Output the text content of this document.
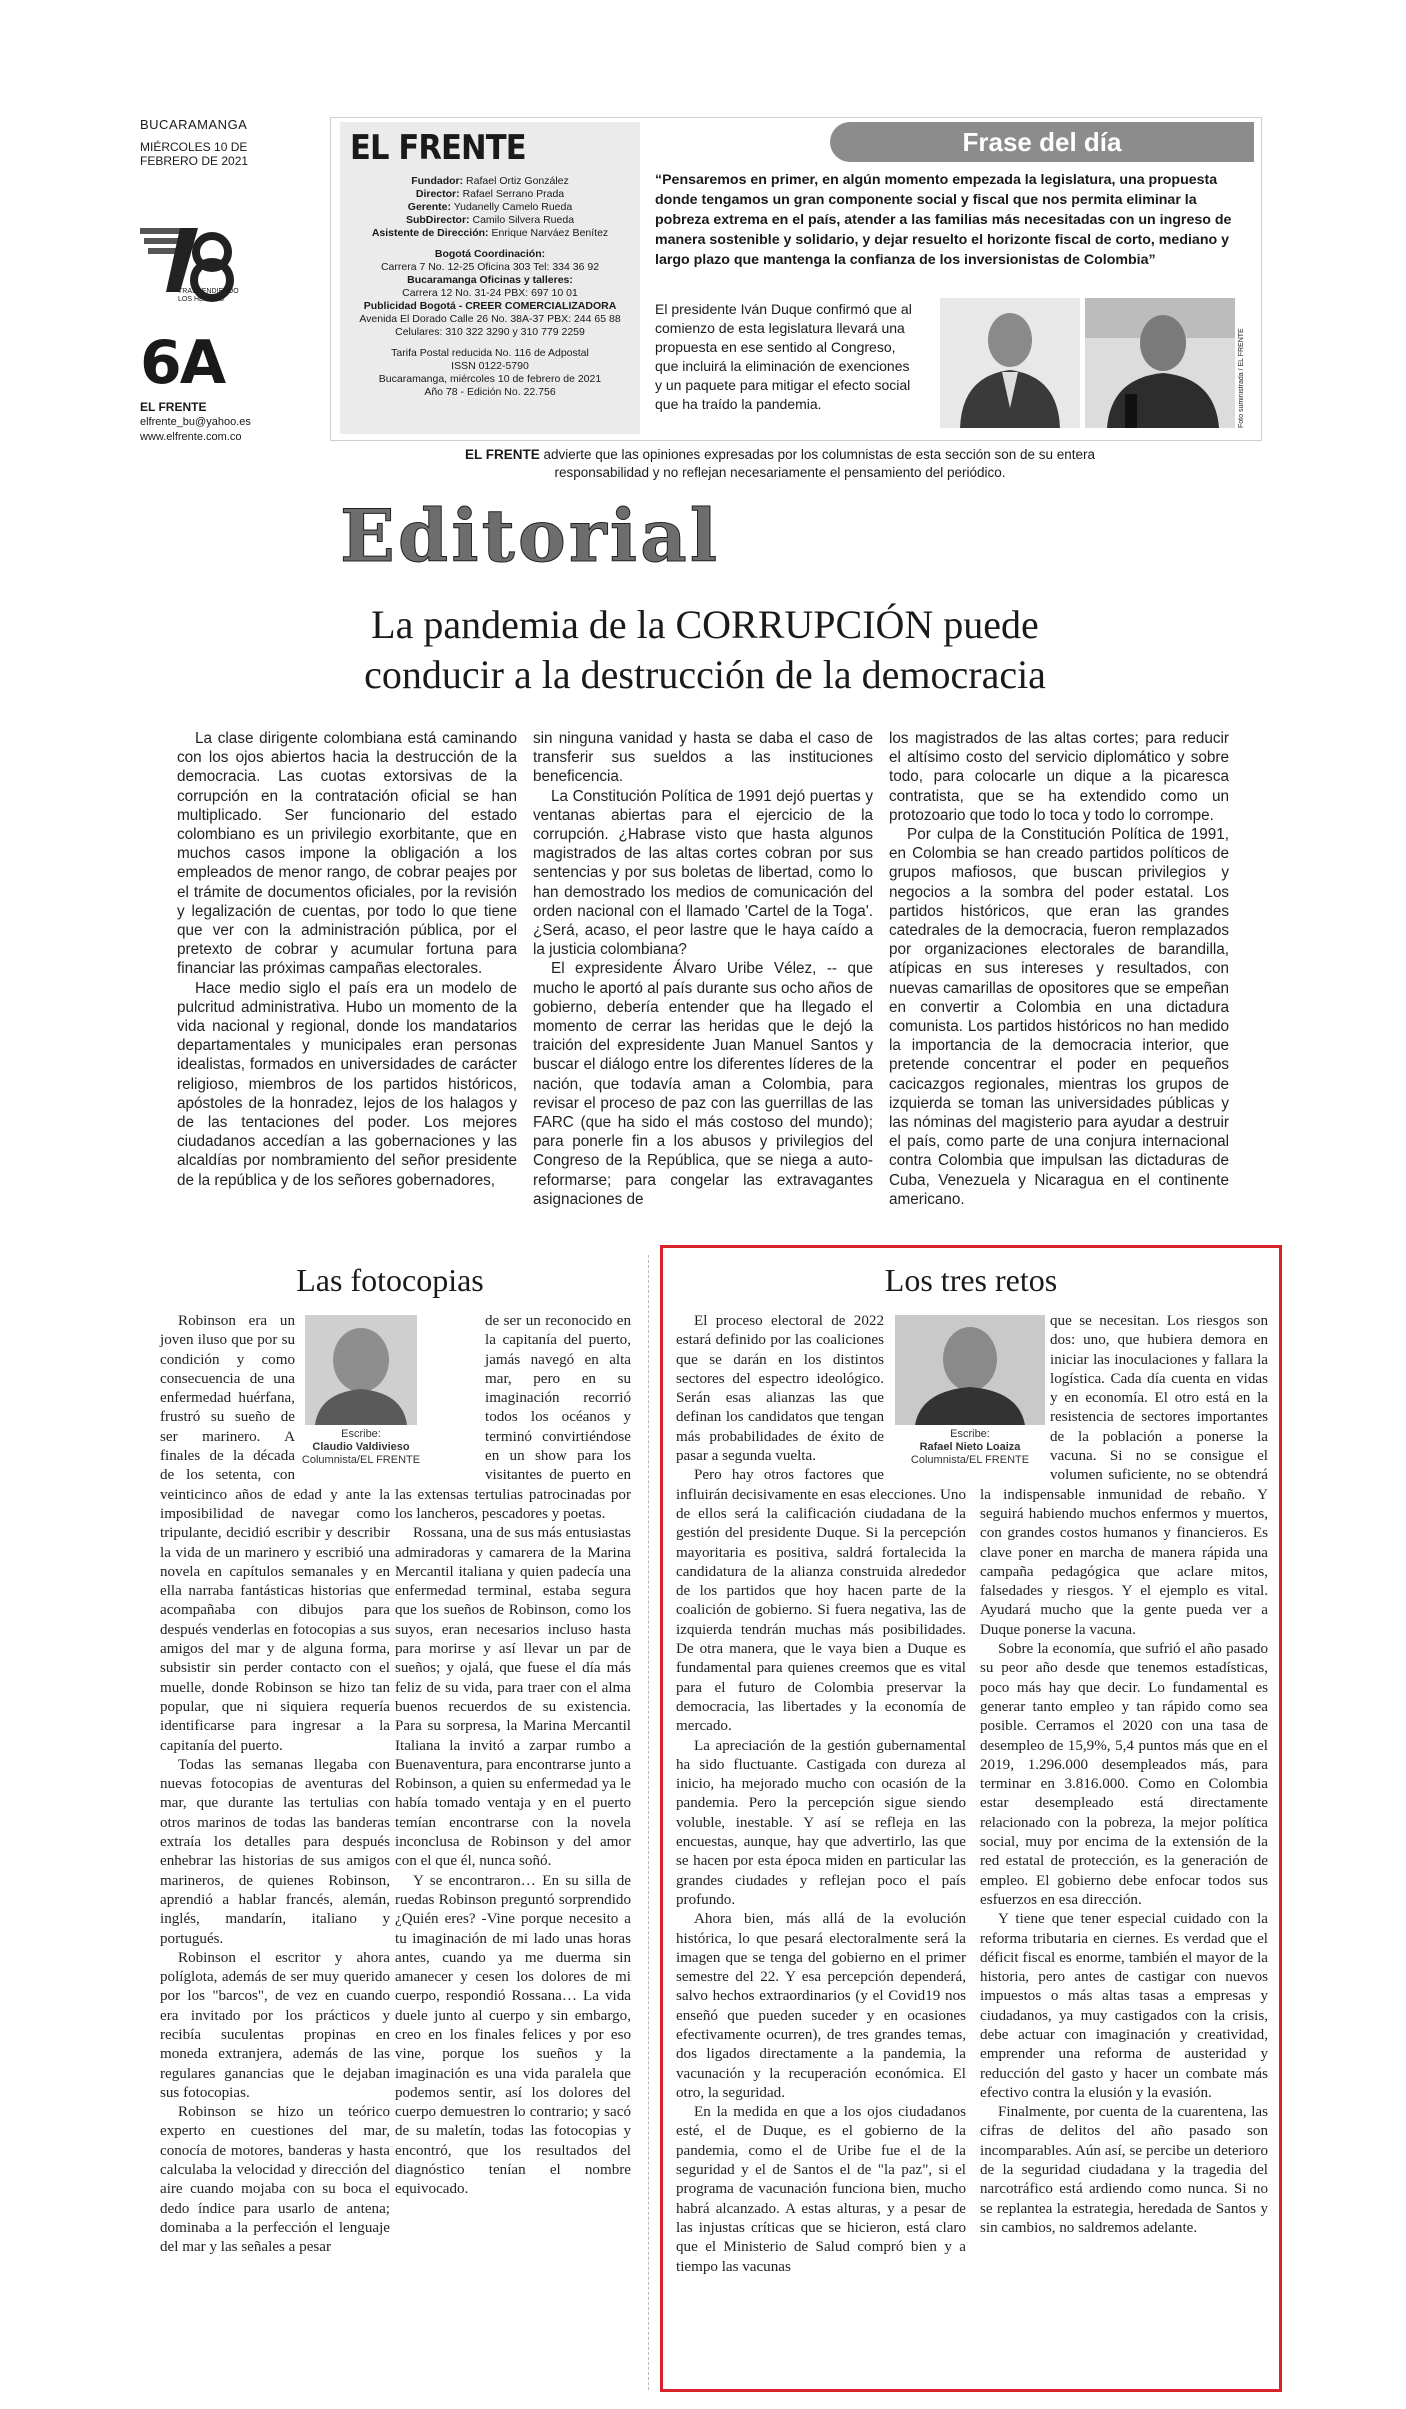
BUCARAMANGA
MIÉRCOLES 10 DE FEBRERO DE 2021
TRASCENDIENDO LOS HECHOS
6A
EL FRENTE
elfrente_bu@yahoo.es
www.elfrente.com.co
EL FRENTE
Fundador: Rafael Ortiz González
Director: Rafael Serrano Prada
Gerente: Yudanelly Camelo Rueda
SubDirector: Camilo Silvera Rueda
Asistente de Dirección: Enrique Narváez Benítez
Bogotá Coordinación:
Carrera 7 No. 12-25 Oficina 303 Tel: 334 36 92
Bucaramanga Oficinas y talleres:
Carrera 12 No. 31-24 PBX: 697 10 01
Publicidad Bogotá - CREER COMERCIALIZADORA
Avenida El Dorado Calle 26 No. 38A-37 PBX: 244 65 88
Celulares: 310 322 3290 y 310 779 2259
Tarifa Postal reducida No. 116 de Adpostal
ISSN 0122-5790
Bucaramanga, miércoles 10 de febrero de 2021
Año 78 - Edición No. 22.756
Frase del día
“Pensaremos en primer, en algún momento empezada la legislatura, una propuesta donde tengamos un gran componente social y fiscal que nos permita eliminar la pobreza extrema en el país, atender a las familias más necesitadas con un ingreso de manera sostenible y solidario, y dejar resuelto el horizonte fiscal de corto, mediano y largo plazo que mantenga la confianza de los inversionistas de Colombia”
El presidente Iván Duque confirmó que al comienzo de esta legislatura llevará una propuesta en ese sentido al Congreso, que incluirá la eliminación de exenciones y un paquete para mitigar el efecto social que ha traído la pandemia.	Foto suministrada / EL FRENTE
EL FRENTE advierte que las opiniones expresadas por los columnistas de esta sección son de su entera responsabilidad y no reflejan necesariamente el pensamiento del periódico.
Editorial
La pandemia de la CORRUPCIÓN puede
conducir a la destrucción de la democracia

La clase dirigente colombiana está caminando con los ojos abiertos hacia la destrucción de la democracia. Las cuotas extorsivas de la corrupción en la contratación oficial se han multiplicado. Ser funcionario del estado colombiano es un privilegio exorbitante, que en muchos casos impone la obligación a los empleados de menor rango, de cobrar peajes por el trámite de documentos oficiales, por la revisión y legalización de cuentas, por todo lo que tiene que ver con la administración pública, por el pretexto de cobrar y acumular fortuna para financiar las próximas campañas electorales.

Hace medio siglo el país era un modelo de pulcritud administrativa. Hubo un momento de la vida nacional y regional, donde los mandatarios departamentales y municipales eran personas idealistas, formados en universidades de carácter religioso, miembros de los partidos históricos, apóstoles de la honradez, lejos de los halagos y de las tentaciones del poder. Los mejores ciudadanos accedían a las gobernaciones y las alcaldías por nombramiento del señor presidente de la república y de los señores gobernadores,

sin ninguna vanidad y hasta se daba el caso de transferir sus sueldos a las instituciones beneficencia.

La Constitución Política de 1991 dejó puertas y ventanas abiertas para el ejercicio de la corrupción. ¿Habrase visto que hasta algunos magistrados de las altas cortes cobran por sus sentencias y por sus boletas de libertad, como lo han demostrado los medios de comunicación del orden nacional con el llamado 'Cartel de la Toga'. ¿Será, acaso, el peor lastre que le haya caído a la justicia colombiana?

El expresidente Álvaro Uribe Vélez, -- que mucho le aportó al país durante sus ocho años de gobierno, debería entender que ha llegado el momento de cerrar las heridas que le dejó la traición del expresidente Juan Manuel Santos y buscar el diálogo entre los diferentes líderes de la nación, que todavía aman a Colombia, para revisar el proceso de paz con las guerrillas de las FARC (que ha sido el más costoso del mundo); para ponerle fin a los abusos y privilegios del Congreso de la República, que se niega a auto-reformarse; para congelar las extravagantes asignaciones de

los magistrados de las altas cortes; para reducir el altísimo costo del servicio diplomático y sobre todo, para colocarle un dique a la picaresca contratista, que se ha extendido como un protozoario que todo lo toca y todo lo corrompe.

Por culpa de la Constitución Política de 1991, en Colombia se han creado partidos políticos de grupos mafiosos, que buscan privilegios y negocios a la sombra del poder estatal. Los partidos históricos, que eran las grandes catedrales de la democracia, fueron remplazados por organizaciones electorales de barandilla, atípicas en sus intereses y resultados, con nuevas camarillas de opositores que se empeñan en convertir a Colombia en una dictadura comunista. Los partidos históricos no han medido la importancia de la democracia interior, que pretende concentrar el poder en pequeños cacicazgos regionales, mientras los grupos de izquierda se toman las universidades públicas y las nóminas del magisterio para ayudar a destruir el país, como parte de una conjura internacional contra Colombia que impulsan las dictaduras de Cuba, Venezuela y Nicaragua en el continente americano.

Las fotocopias
Escribe:
Claudio Valdivieso
Columnista/EL FRENTE

Robinson era un joven iluso que por su condición y como consecuencia de una enfermedad huérfana, frustró su sueño de ser marinero. A finales de la década de los setenta, con veinticinco años de edad y ante la imposibilidad de navegar como tripulante, decidió escribir y describir la vida de un marinero y escribió una novela en capítulos semanales y en ella narraba fantásticas historias que acompañaba con dibujos para después venderlas en fotocopias a sus amigos del mar y de alguna forma, subsistir sin perder contacto con el muelle, donde Robinson se hizo tan popular, que ni siquiera requería identificarse para ingresar a la capitanía del puerto.

Todas las semanas llegaba con nuevas fotocopias de aventuras del mar, que durante las tertulias con otros marinos de todas las banderas extraía los detalles para después enhebrar las historias de sus amigos marineros, de quienes Robinson, aprendió a hablar francés, alemán, inglés, mandarín, italiano y portugués.

Robinson el escritor y ahora políglota, además de ser muy querido por los "barcos", de vez en cuando era invitado por los prácticos y recibía suculentas propinas en moneda extranjera, además de las regulares ganancias que le dejaban sus fotocopias.

Robinson se hizo un teórico experto en cuestiones del mar, conocía de motores, banderas y hasta calculaba la velocidad y dirección del aire cuando mojaba con su boca el dedo índice para usarlo de antena; dominaba a la perfección el lenguaje del mar y las señales a pesar

de ser un reconocido en la capitanía del puerto, jamás navegó en alta mar, pero en su imaginación recorrió todos los océanos y terminó convirtiéndose en un show para los visitantes de puerto en las extensas tertulias patrocinadas por los lancheros, pescadores y poetas.

Rossana, una de sus más entusiastas admiradoras y camarera de la Marina Mercantil italiana y quien padecía una enfermedad terminal, estaba segura que los sueños de Robinson, como los suyos, eran necesarios incluso hasta para morirse y así llevar un par de sueños; y ojalá, que fuese el día más feliz de su vida, para traer con el alma buenos recuerdos de su existencia. Para su sorpresa, la Marina Mercantil Italiana la invitó a zarpar rumbo a Buenaventura, para encontrarse junto a Robinson, a quien su enfermedad ya le había tomado ventaja y en el puerto temían encontrarse con la novela inconclusa de Robinson y del amor con el que él, nunca soñó.

Y se encontraron… En su silla de ruedas Robinson preguntó sorprendido ¿Quién eres? -Vine porque necesito a tu imaginación de mi lado unas horas antes, cuando ya me duerma sin amanecer y cesen los dolores de mi cuerpo, respondió Rossana… La vida duele junto al cuerpo y sin embargo, creo en los finales felices y por eso vine, porque los sueños y la imaginación es una vida paralela que podemos sentir, así los dolores del cuerpo demuestren lo contrario; y sacó de su maletín, todas las fotocopias y encontró, que los resultados del diagnóstico tenían el nombre equivocado.

Los tres retos
Escribe:
Rafael Nieto Loaiza
Columnista/EL FRENTE

El proceso electoral de 2022 estará definido por las coaliciones que se darán en los distintos sectores del espectro ideológico. Serán esas alianzas las que definan los candidatos que tengan más probabilidades de éxito de pasar a segunda vuelta.

Pero hay otros factores que influirán decisivamente en esas elecciones. Uno de ellos será la calificación ciudadana de la gestión del presidente Duque. Si la percepción mayoritaria es positiva, saldrá fortalecida la candidatura de la alianza construida alrededor de los partidos que hoy hacen parte de la coalición de gobierno. Si fuera negativa, las de izquierda tendrán muchas más posibilidades. De otra manera, que le vaya bien a Duque es fundamental para quienes creemos que es vital para el futuro de Colombia preservar la democracia, las libertades y la economía de mercado.

La apreciación de la gestión gubernamental ha sido fluctuante. Castigada con dureza al inicio, ha mejorado mucho con ocasión de la pandemia. Pero la percepción sigue siendo voluble, inestable. Y así se refleja en las encuestas, aunque, hay que advertirlo, las que se hacen por esta época miden en particular las grandes ciudades y reflejan poco el país profundo.

Ahora bien, más allá de la evolución histórica, lo que pesará electoralmente será la imagen que se tenga del gobierno en el primer semestre del 22. Y esa percepción dependerá, salvo hechos extraordinarios (y el Covid19 nos enseñó que pueden suceder y en ocasiones efectivamente ocurren), de tres grandes temas, dos ligados directamente a la pandemia, la vacunación y la recuperación económica. El otro, la seguridad.

En la medida en que a los ojos ciudadanos esté, el de Duque, es el gobierno de la pandemia, como el de Uribe fue el de la seguridad y el de Santos el de "la paz", si el programa de vacunación funciona bien, mucho habrá alcanzado. A estas alturas, y a pesar de las injustas críticas que se hicieron, está claro que el Ministerio de Salud compró bien y a tiempo las vacunas

que se necesitan. Los riesgos son dos: uno, que hubiera demora en iniciar las inoculaciones y fallara la logística. Cada día cuenta en vidas y en economía. El otro está en la resistencia de sectores importantes de la población a ponerse la vacuna. Si no se consigue el volumen suficiente, no se obtendrá la indispensable inmunidad de rebaño. Y seguirá habiendo muchos enfermos y muertos, con grandes costos humanos y financieros. Es clave poner en marcha de manera rápida una campaña pedagógica que aclare mitos, falsedades y riesgos. Y el ejemplo es vital. Ayudará mucho que la gente pueda ver a Duque ponerse la vacuna.

Sobre la economía, que sufrió el año pasado su peor año desde que tenemos estadísticas, poco más hay que decir. Lo fundamental es generar tanto empleo y tan rápido como sea posible. Cerramos el 2020 con una tasa de desempleo de 15,9%, 5,4 puntos más que en el 2019, 1.296.000 desempleados más, para terminar en 3.816.000. Como en Colombia estar desempleado está directamente relacionado con la pobreza, la mejor política social, muy por encima de la extensión de la red estatal de protección, es la generación de empleo. El gobierno debe enfocar todos sus esfuerzos en esa dirección.

Y tiene que tener especial cuidado con la reforma tributaria en ciernes. Es verdad que el déficit fiscal es enorme, también el mayor de la historia, pero antes de castigar con nuevos impuestos o más altas tasas a empresas y ciudadanos, ya muy castigados con la crisis, debe actuar con imaginación y creatividad, emprender una reforma de austeridad y reducción del gasto y hacer un combate más efectivo contra la elusión y la evasión.

Finalmente, por cuenta de la cuarentena, las cifras de delitos del año pasado son incomparables. Aún así, se percibe un deterioro de la seguridad ciudadana y la tragedia del narcotráfico está ardiendo como nunca. Si no se replantea la estrategia, heredada de Santos y sin cambios, no saldremos adelante.
